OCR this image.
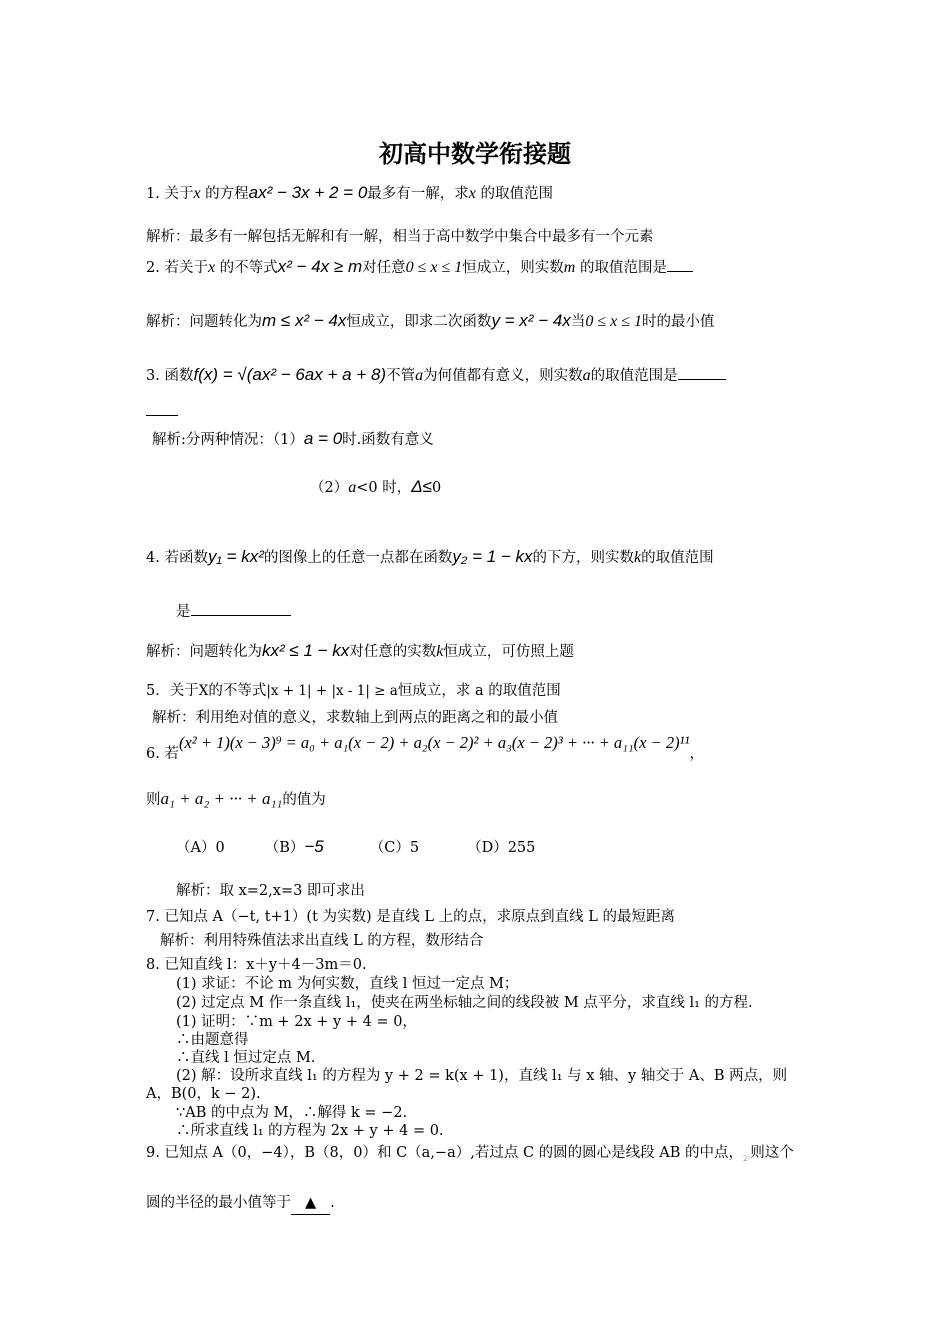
初高中数学衔接题
1. 关于x 的方程ax² − 3x + 2 = 0最多有一解，求x 的取值范围
解析：最多有一解包括无解和有一解，相当于高中数学中集合中最多有一个元素
2. 若关于x 的不等式x² − 4x ≥ m对任意0 ≤ x ≤ 1恒成立，则实数m 的取值范围是
解析：问题转化为m ≤ x² − 4x恒成立，即求二次函数y = x² − 4x当0 ≤ x ≤ 1时的最小值
3. 函数f(x) = √(ax² − 6ax + a + 8)不管a为何值都有意义，则实数a的取值范围是
解析:分两种情况：（1）a = 0时.函数有意义
（2）a<0 时，Δ≤0
4. 若函数y₁ = kx²的图像上的任意一点都在函数y₂ = 1 − kx的下方，则实数k的取值范围
是
解析：问题转化为kx² ≤ 1 − kx对任意的实数k恒成立，可仿照上题
5．关于X的不等式|x + 1| + |x - 1| ≥ a恒成立，求 a 的取值范围
解析：利用绝对值的意义，求数轴上到两点的距离之和的最小值
6. 若(x² + 1)(x − 3)⁹ = a₀ + a₁(x − 2) + a₂(x − 2)² + a₃(x − 2)³ + ··· + a₁₁(x − 2)¹¹，
则a₁ + a₂ + ··· + a₁₁的值为
（A）0	（B）−5	（C）5	（D）255
解析：取 x=2,x=3 即可求出
7. 已知点 A（−t, t+1）(t 为实数) 是直线 L 上的点，求原点到直线 L 的最短距离
解析：利用特殊值法求出直线 L 的方程，数形结合
8. 已知直线 l：x＋y＋4－3m＝0.
(1) 求证：不论 m 为何实数，直线 l 恒过一定点 M；
(2) 过定点 M 作一条直线 l₁，使夹在两坐标轴之间的线段被 M 点平分，求直线 l₁ 的方程.
(1) 证明：∵m + 2x + y + 4 = 0，
∴由题意得
∴直线 l 恒过定点 M.
(2) 解：设所求直线 l₁ 的方程为 y + 2 = k(x + 1)，直线 l₁ 与 x 轴、y 轴交于 A、B 两点，则
A，B(0，k − 2).
∵AB 的中点为 M，∴解得 k = −2.
∴所求直线 l₁ 的方程为 2x + y + 4 = 0.
9. 已知点 A（0，−4），B（8，0）和 C（a,−a）,若过点 C 的圆的圆心是线段 AB 的中点，$_{2^2}$则这个
圆的半径的最小值等于 ▲ .
